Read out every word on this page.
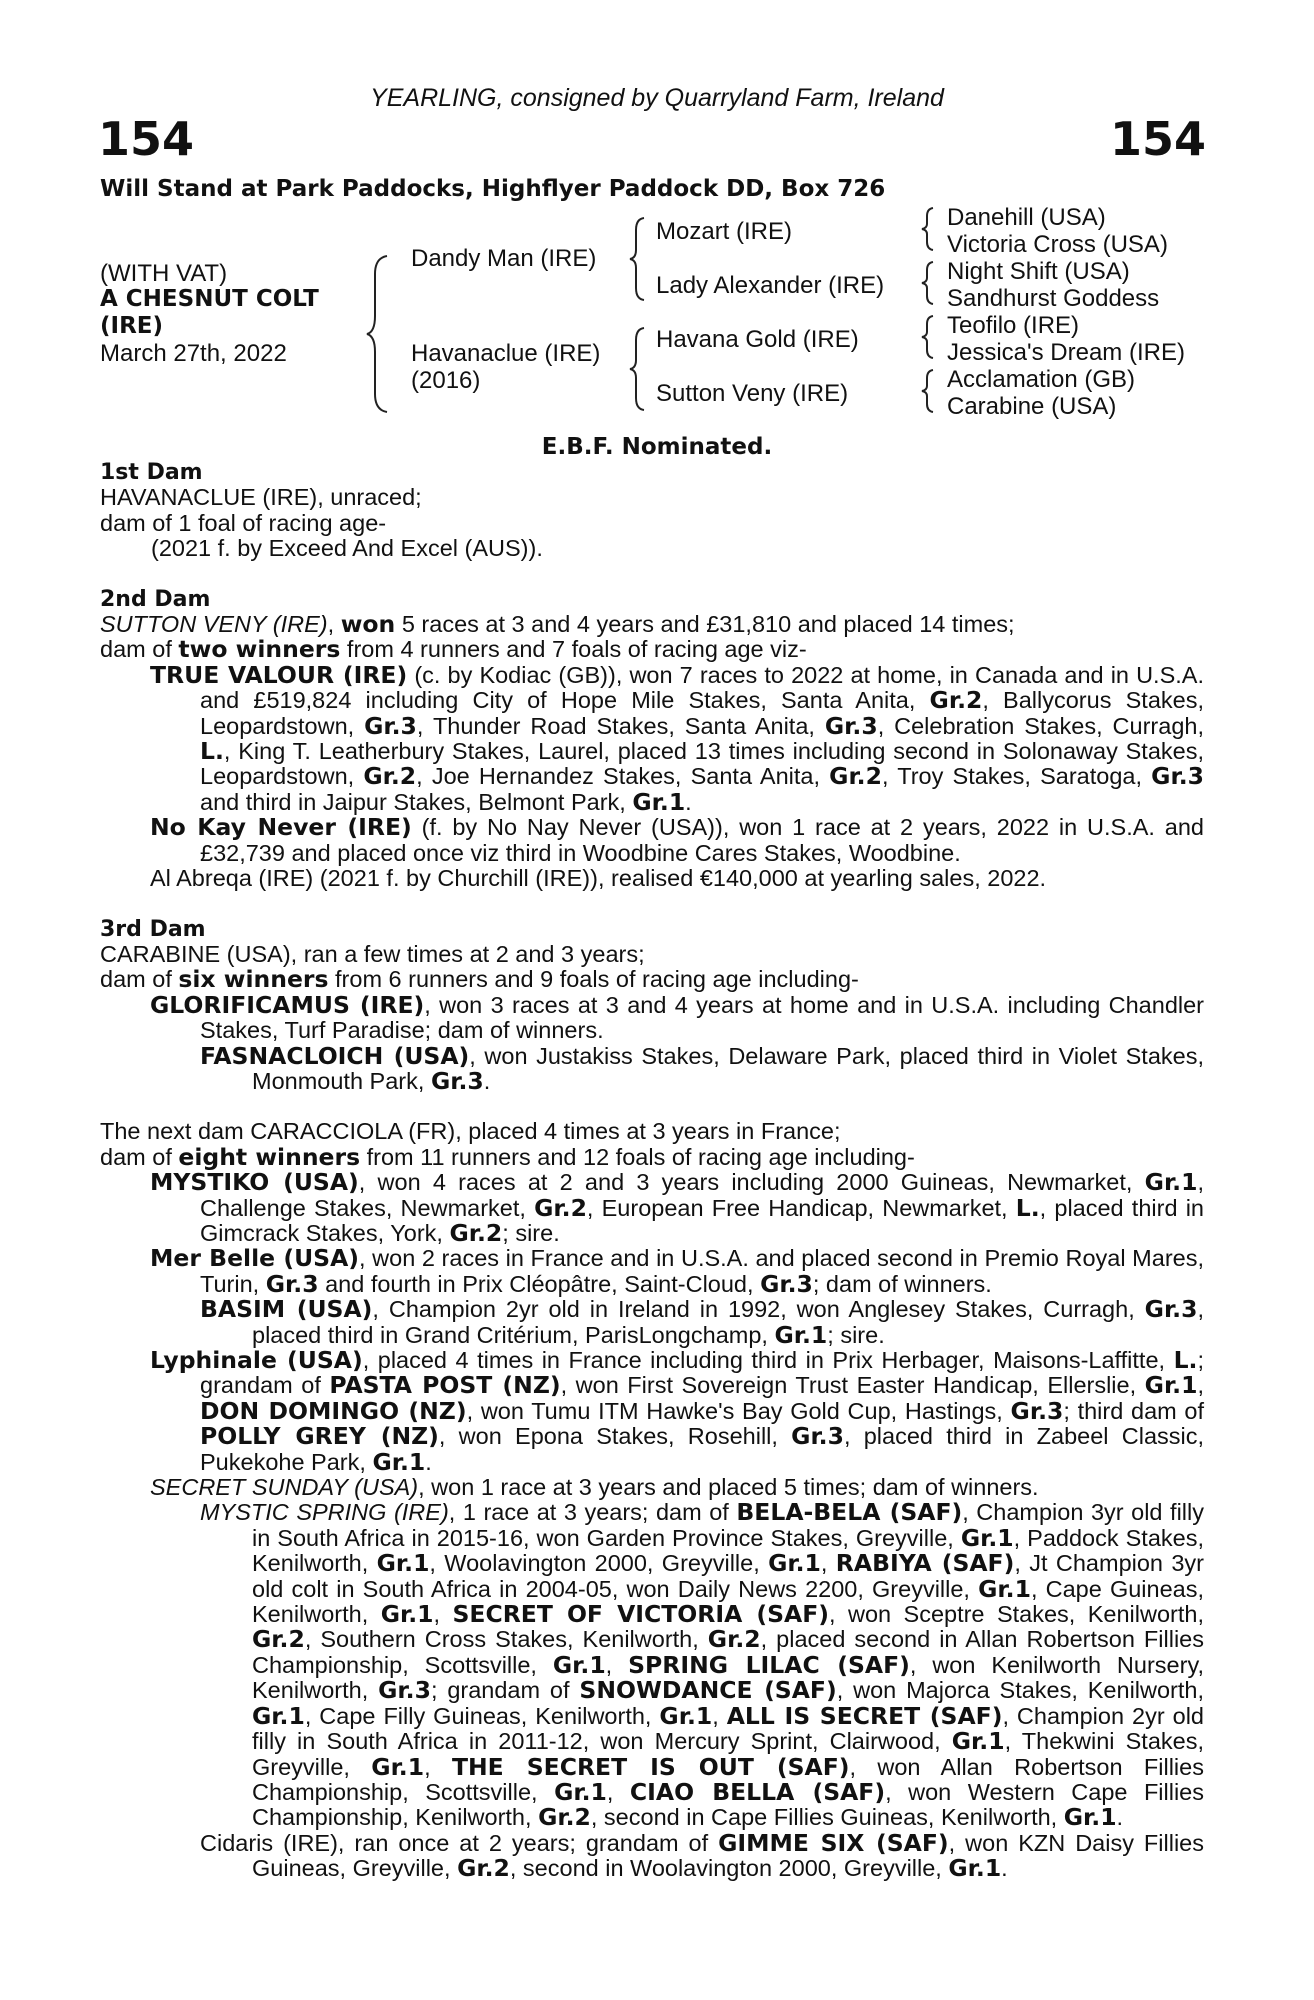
YEARLING, consigned by Quarryland Farm, Ireland
154	154
Will Stand at Park Paddocks, Highflyer Paddock DD, Box 726
(WITH VAT)
A CHESNUT COLT
(IRE)
March 27th, 2022
Dandy Man (IRE)
Havanaclue (IRE)
(2016)
Mozart (IRE)
Lady Alexander (IRE)
Havana Gold (IRE)
Sutton Veny (IRE)
Danehill (USA)
Victoria Cross (USA)
Night Shift (USA)
Sandhurst Goddess
Teofilo (IRE)
Jessica's Dream (IRE)
Acclamation (GB)
Carabine (USA)
E.B.F. Nominated.

1st Dam

HAVANACLUE (IRE), unraced;

dam of 1 foal of racing age-

(2021 f. by Exceed And Excel (AUS)).

2nd Dam

SUTTON VENY (IRE), won 5 races at 3 and 4 years and £31,810 and placed 14 times;

dam of two winners from 4 runners and 7 foals of racing age viz-

TRUE VALOUR (IRE) (c. by Kodiac (GB)), won 7 races to 2022 at home, in Canada and in U.S.A. and £519,824 including City of Hope Mile Stakes, Santa Anita, Gr.2, Ballycorus Stakes, Leopardstown, Gr.3, Thunder Road Stakes, Santa Anita, Gr.3, Celebration Stakes, Curragh, L., King T. Leatherbury Stakes, Laurel, placed 13 times including second in Solonaway Stakes, Leopardstown, Gr.2, Joe Hernandez Stakes, Santa Anita, Gr.2, Troy Stakes, Saratoga, Gr.3 and third in Jaipur Stakes, Belmont Park, Gr.1.

No Kay Never (IRE) (f. by No Nay Never (USA)), won 1 race at 2 years, 2022 in U.S.A. and £32,739 and placed once viz third in Woodbine Cares Stakes, Woodbine.

Al Abreqa (IRE) (2021 f. by Churchill (IRE)), realised €140,000 at yearling sales, 2022.

3rd Dam

CARABINE (USA), ran a few times at 2 and 3 years;

dam of six winners from 6 runners and 9 foals of racing age including-

GLORIFICAMUS (IRE), won 3 races at 3 and 4 years at home and in U.S.A. including Chandler Stakes, Turf Paradise; dam of winners.

FASNACLOICH (USA), won Justakiss Stakes, Delaware Park, placed third in Violet Stakes, Monmouth Park, Gr.3.

The next dam CARACCIOLA (FR), placed 4 times at 3 years in France;

dam of eight winners from 11 runners and 12 foals of racing age including-

MYSTIKO (USA), won 4 races at 2 and 3 years including 2000 Guineas, Newmarket, Gr.1, Challenge Stakes, Newmarket, Gr.2, European Free Handicap, Newmarket, L., placed third in Gimcrack Stakes, York, Gr.2; sire.

Mer Belle (USA), won 2 races in France and in U.S.A. and placed second in Premio Royal Mares, Turin, Gr.3 and fourth in Prix Cléopâtre, Saint-Cloud, Gr.3; dam of winners.

BASIM (USA), Champion 2yr old in Ireland in 1992, won Anglesey Stakes, Curragh, Gr.3, placed third in Grand Critérium, ParisLongchamp, Gr.1; sire.

Lyphinale (USA), placed 4 times in France including third in Prix Herbager, Maisons-Laffitte, L.; grandam of PASTA POST (NZ), won First Sovereign Trust Easter Handicap, Ellerslie, Gr.1, DON DOMINGO (NZ), won Tumu ITM Hawke's Bay Gold Cup, Hastings, Gr.3; third dam of POLLY GREY (NZ), won Epona Stakes, Rosehill, Gr.3, placed third in Zabeel Classic, Pukekohe Park, Gr.1.

SECRET SUNDAY (USA), won 1 race at 3 years and placed 5 times; dam of winners.

MYSTIC SPRING (IRE), 1 race at 3 years; dam of BELA-BELA (SAF), Champion 3yr old filly in South Africa in 2015-16, won Garden Province Stakes, Greyville, Gr.1, Paddock Stakes, Kenilworth, Gr.1, Woolavington 2000, Greyville, Gr.1, RABIYA (SAF), Jt Champion 3yr old colt in South Africa in 2004-05, won Daily News 2200, Greyville, Gr.1, Cape Guineas, Kenilworth, Gr.1, SECRET OF VICTORIA (SAF), won Sceptre Stakes, Kenilworth, Gr.2, Southern Cross Stakes, Kenilworth, Gr.2, placed second in Allan Robertson Fillies Championship, Scottsville, Gr.1, SPRING LILAC (SAF), won Kenilworth Nursery, Kenilworth, Gr.3; grandam of SNOWDANCE (SAF), won Majorca Stakes, Kenilworth, Gr.1, Cape Filly Guineas, Kenilworth, Gr.1, ALL IS SECRET (SAF), Champion 2yr old filly in South Africa in 2011-12, won Mercury Sprint, Clairwood, Gr.1, Thekwini Stakes, Greyville, Gr.1, THE SECRET IS OUT (SAF), won Allan Robertson Fillies Championship, Scottsville, Gr.1, CIAO BELLA (SAF), won Western Cape Fillies Championship, Kenilworth, Gr.2, second in Cape Fillies Guineas, Kenilworth, Gr.1.

Cidaris (IRE), ran once at 2 years; grandam of GIMME SIX (SAF), won KZN Daisy Fillies Guineas, Greyville, Gr.2, second in Woolavington 2000, Greyville, Gr.1.
